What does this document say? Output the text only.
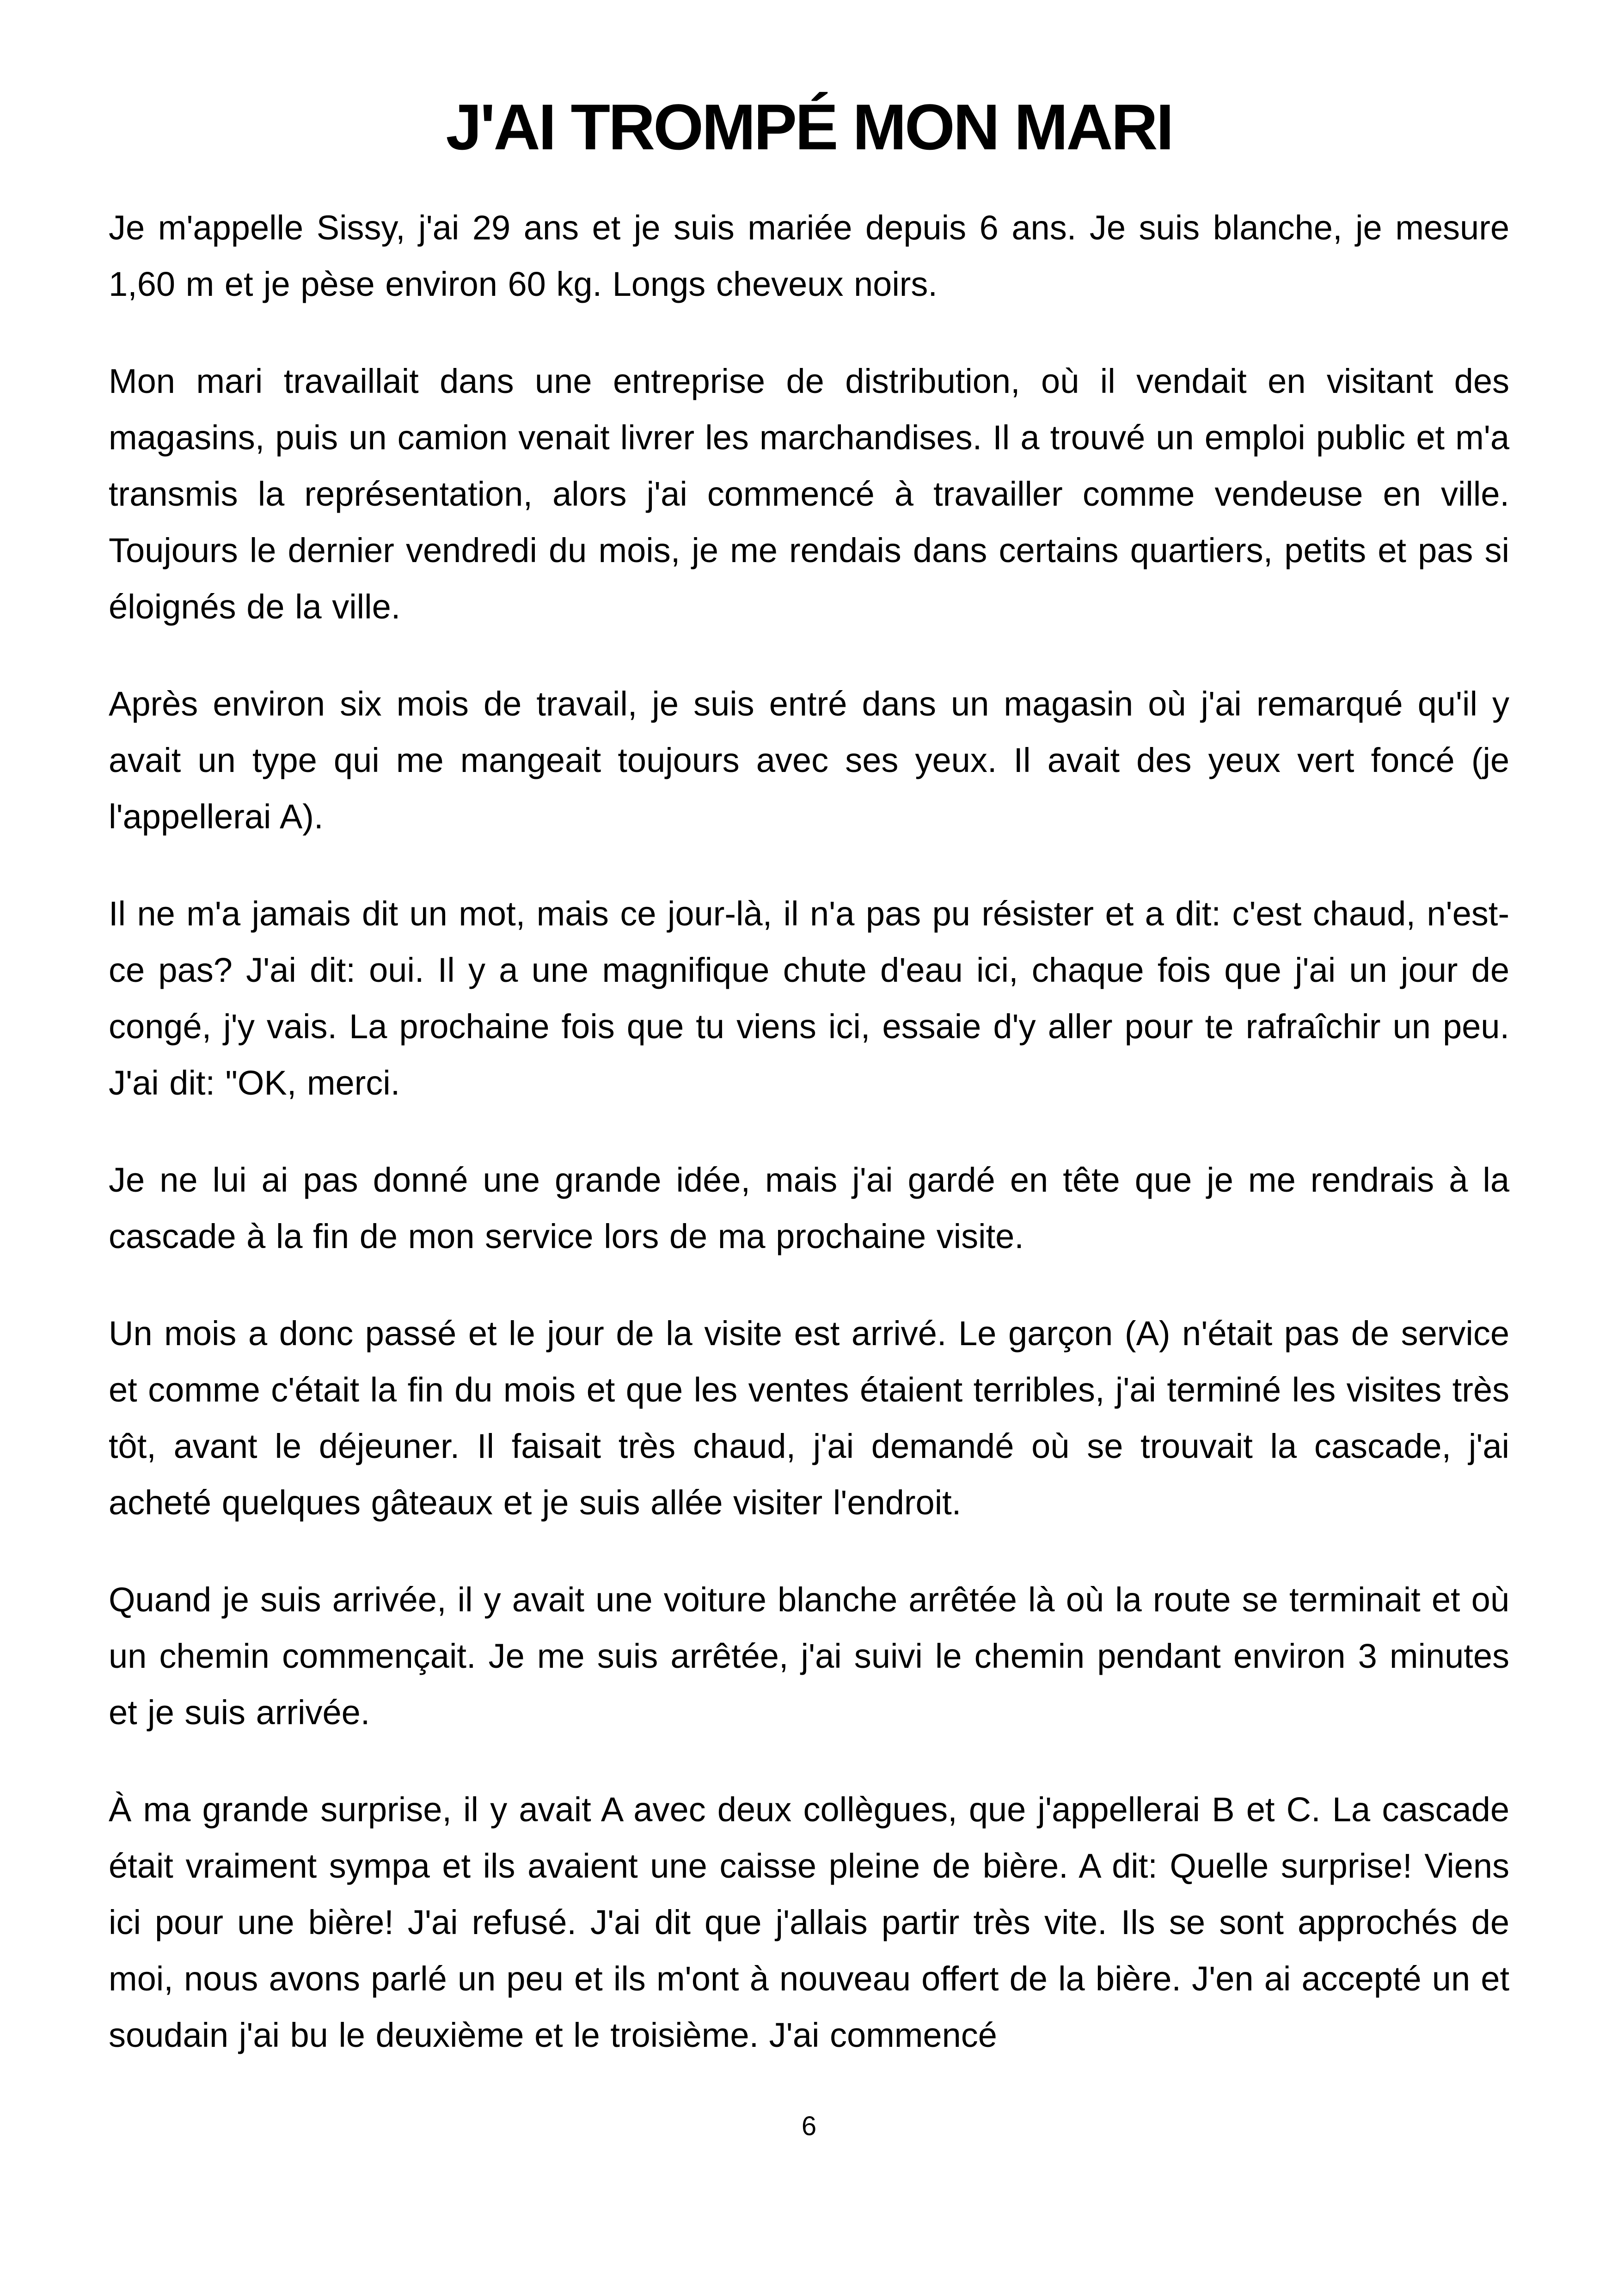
J'AI TROMPÉ MON MARI

Je m'appelle Sissy, j'ai 29 ans et je suis mariée depuis 6 ans. Je suis blanche, je mesure 1,60 m et je pèse environ 60 kg. Longs cheveux noirs.

Mon mari travaillait dans une entreprise de distribution, où il vendait en visitant des magasins, puis un camion venait livrer les marchandises. Il a trouvé un emploi public et m'a transmis la représentation, alors j'ai commencé à travailler comme vendeuse en ville. Toujours le dernier vendredi du mois, je me rendais dans certains quartiers, petits et pas si éloignés de la ville.

Après environ six mois de travail, je suis entré dans un magasin où j'ai remarqué qu'il y avait un type qui me mangeait toujours avec ses yeux. Il avait des yeux vert foncé (je l'appellerai A).

Il ne m'a jamais dit un mot, mais ce jour-là, il n'a pas pu résister et a dit: c'est chaud, n'est-ce pas? J'ai dit: oui. Il y a une magnifique chute d'eau ici, chaque fois que j'ai un jour de congé, j'y vais. La prochaine fois que tu viens ici, essaie d'y aller pour te rafraîchir un peu. J'ai dit: "OK, merci.

Je ne lui ai pas donné une grande idée, mais j'ai gardé en tête que je me rendrais à la cascade à la fin de mon service lors de ma prochaine visite.

Un mois a donc passé et le jour de la visite est arrivé. Le garçon (A) n'était pas de service et comme c'était la fin du mois et que les ventes étaient terribles, j'ai terminé les visites très tôt, avant le déjeuner. Il faisait très chaud, j'ai demandé où se trouvait la cascade, j'ai acheté quelques gâteaux et je suis allée visiter l'endroit.

Quand je suis arrivée, il y avait une voiture blanche arrêtée là où la route se terminait et où un chemin commençait. Je me suis arrêtée, j'ai suivi le chemin pendant environ 3 minutes et je suis arrivée.

À ma grande surprise, il y avait A avec deux collègues, que j'appellerai B et C. La cascade était vraiment sympa et ils avaient une caisse pleine de bière. A dit: Quelle surprise! Viens ici pour une bière! J'ai refusé. J'ai dit que j'allais partir très vite. Ils se sont approchés de moi, nous avons parlé un peu et ils m'ont à nouveau offert de la bière. J'en ai accepté un et soudain j'ai bu le deuxième et le troisième. J'ai commencé

6
